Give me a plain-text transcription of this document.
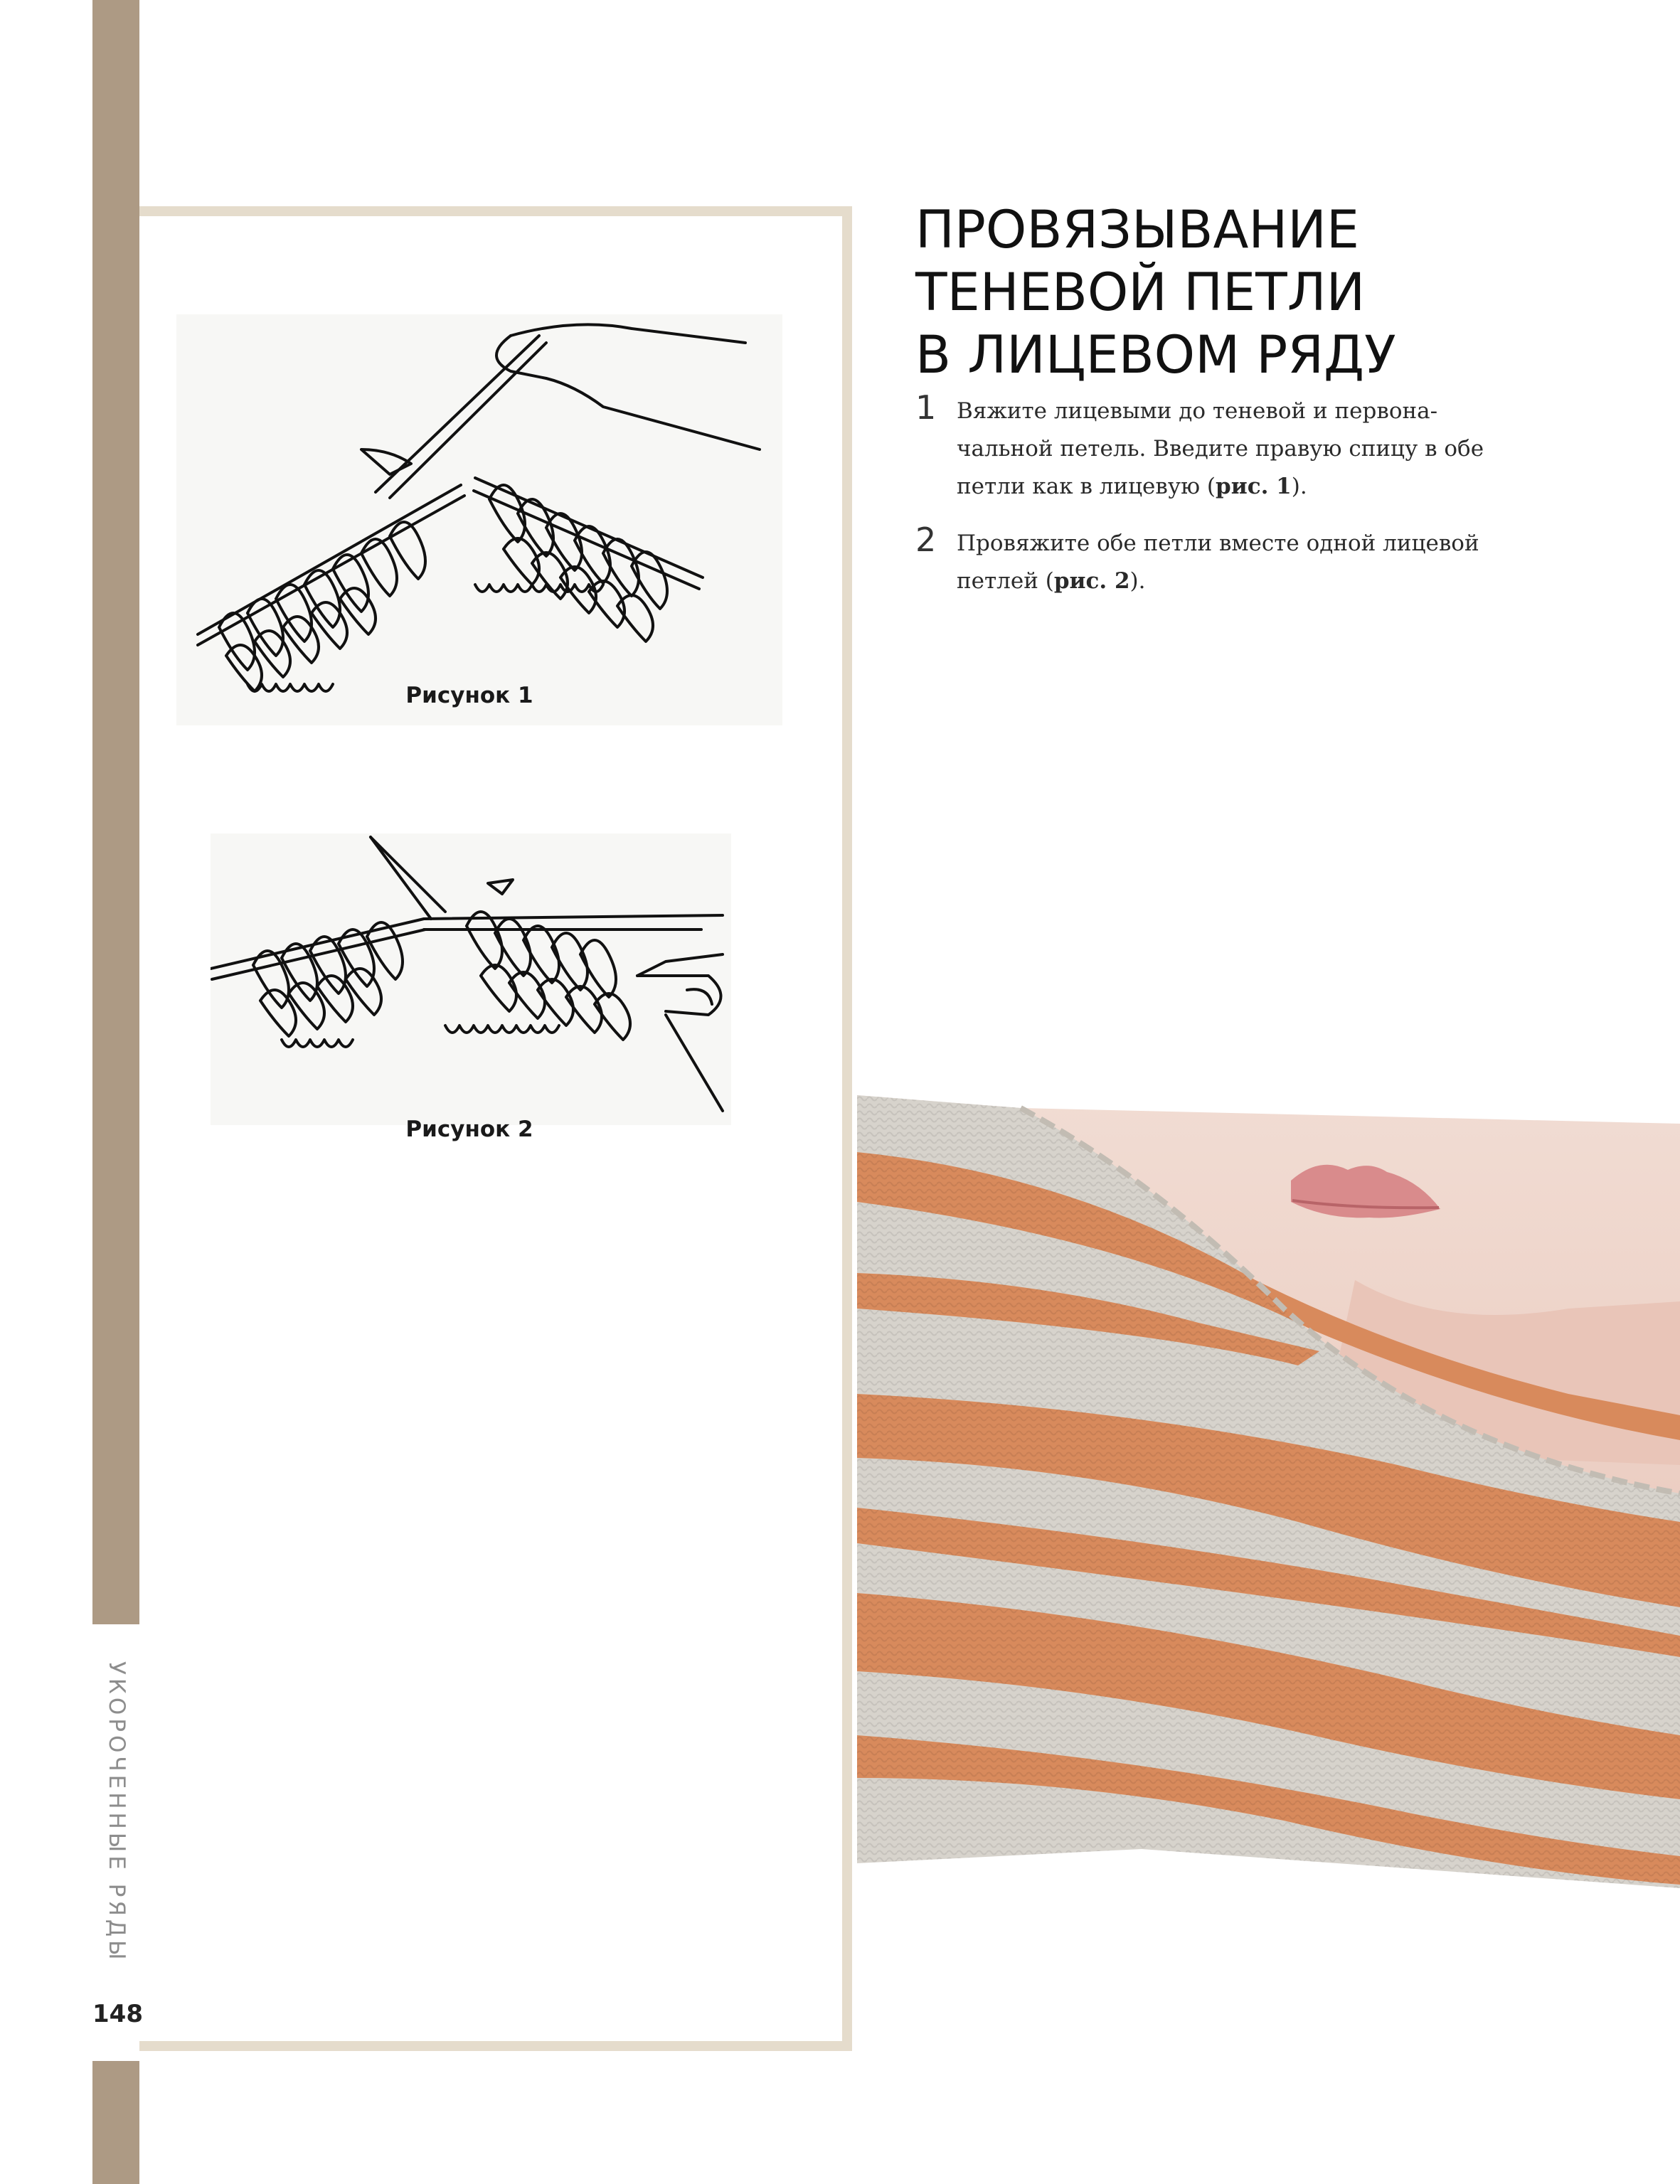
УКОРОЧЕННЫЕ РЯДЫ
148
Рисунок 1
Рисунок 2
ПРОВЯЗЫВАНИЕ
ТЕНЕВОЙ ПЕТЛИ
В ЛИЦЕВОМ РЯДУ
1 Вяжите лицевыми до теневой и первоначальной петель. Введите правую спицу в обе петли как в лицевую (рис. 1).
2 Провяжите обе петли вместе одной лицевой петлей (рис. 2).
